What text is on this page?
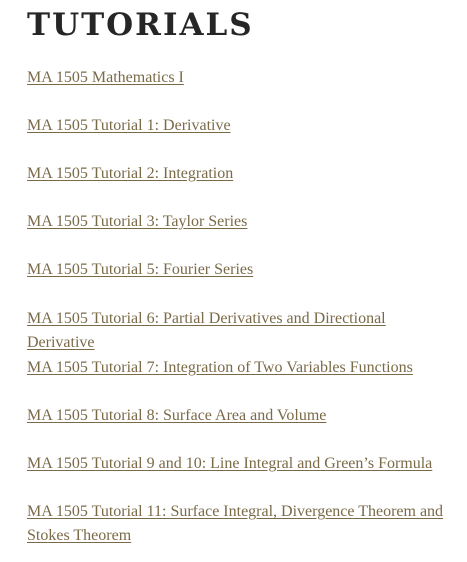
TUTORIALS
MA 1505 Mathematics I
MA 1505 Tutorial 1: Derivative
MA 1505 Tutorial 2: Integration
MA 1505 Tutorial 3: Taylor Series
MA 1505 Tutorial 5: Fourier Series
MA 1505 Tutorial 6: Partial Derivatives and Directional Derivative
MA 1505 Tutorial 7: Integration of Two Variables Functions
MA 1505 Tutorial 8: Surface Area and Volume
MA 1505 Tutorial 9 and 10: Line Integral and Green’s Formula
MA 1505 Tutorial 11: Surface Integral, Divergence Theorem and Stokes Theorem
